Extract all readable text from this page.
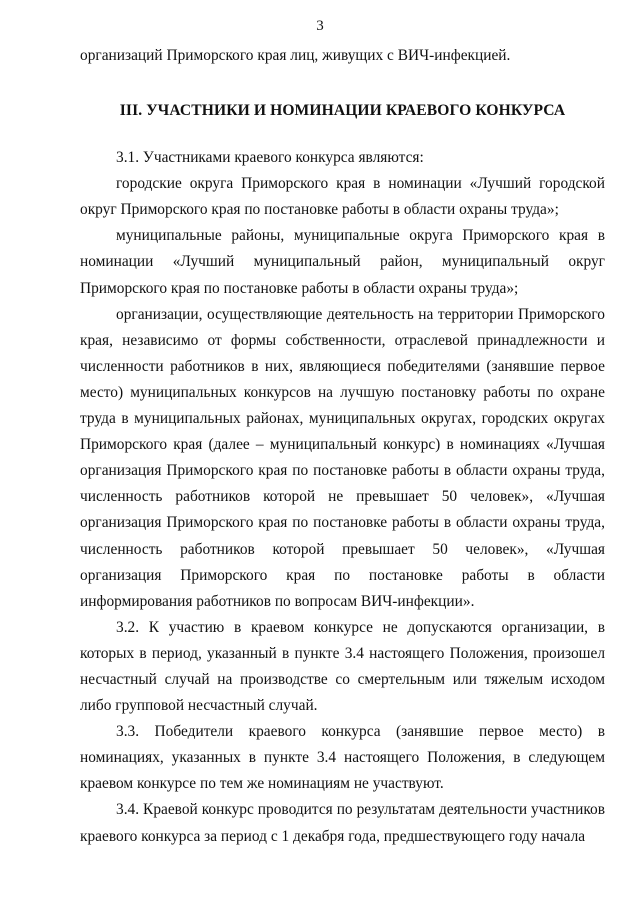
3

организаций Приморского края лиц, живущих с ВИЧ-инфекцией.

III. УЧАСТНИКИ И НОМИНАЦИИ КРАЕВОГО КОНКУРСА

3.1. Участниками краевого конкурса являются:

городские округа Приморского края в номинации «Лучший городской округ Приморского края по постановке работы в области охраны труда»;

муниципальные районы, муниципальные округа Приморского края в номинации «Лучший муниципальный район, муниципальный округ Приморского края по постановке работы в области охраны труда»;

организации, осуществляющие деятельность на территории Приморского края, независимо от формы собственности, отраслевой принадлежности и численности работников в них, являющиеся победителями (занявшие первое место) муниципальных конкурсов на лучшую постановку работы по охране труда в муниципальных районах, муниципальных округах, городских округах Приморского края (далее – муниципальный конкурс) в номинациях «Лучшая организация Приморского края по постановке работы в области охраны труда, численность работников которой не превышает 50 человек», «Лучшая организация Приморского края по постановке работы в области охраны труда, численность работников которой превышает 50 человек», «Лучшая организация Приморского края по постановке работы в области информирования работников по вопросам ВИЧ-инфекции».

3.2. К участию в краевом конкурсе не допускаются организации, в которых в период, указанный в пункте 3.4 настоящего Положения, произошел несчастный случай на производстве со смертельным или тяжелым исходом либо групповой несчастный случай.

3.3. Победители краевого конкурса (занявшие первое место) в номинациях, указанных в пункте 3.4 настоящего Положения, в следующем краевом конкурсе по тем же номинациям не участвуют.

3.4. Краевой конкурс проводится по результатам деятельности участников краевого конкурса за период с 1 декабря года, предшествующего году начала
